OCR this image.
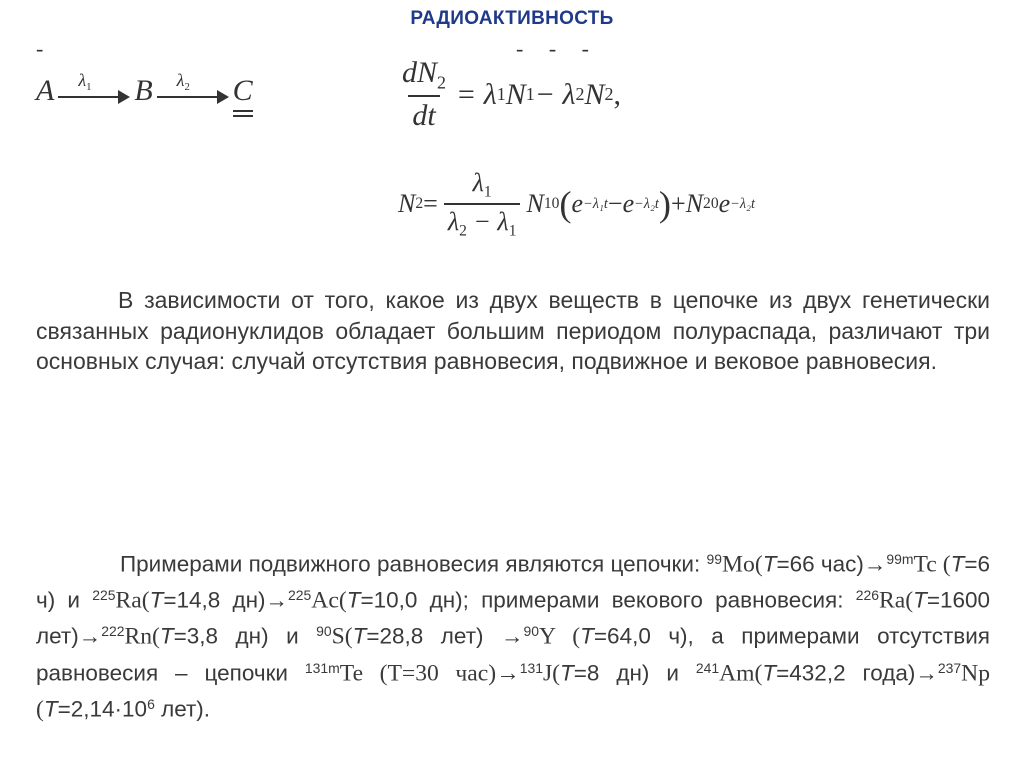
РАДИОАКТИВНОСТЬ
-	- - -
A $\lambda_1$ B $\lambda_2$ C	$\frac{dN_2}{dt} = \lambda$ 1 N 1 − λ 2 N 2 ,
N $2 = \frac{\lambda_1}{\lambda_2 - \lambda_1}$ N 10 ( e −λ₁t − e −λ₂t ) + N 20 e −λ₂t
В зависимости от того, какое из двух веществ в цепочке из двух генетически связанных радионуклидов обладает большим периодом полураспада, различают три основных случая: случай отсутствия равновесия, подвижное и вековое равновесия.
Примерами подвижного равновесия являются цепочки: $^{99}$Mo(T=66 час)→$^{99m}$Tc (T=6 ч) и $^{225}$Ra(T=14,8 дн)→$^{225}$Ac(T=10,0 дн); примерами векового равновесия: $^{226}$Ra(T=1600 лет)→$^{222}$Rn(T=3,8 дн) и $^{90}$S(T=28,8 лет) →$^{90}$Y (T=64,0 ч), а примерами отсутствия равновесия – цепочки $^{131m}$Te (T=30 час)→$^{131}$J(T=8 дн) и $^{241}$Am(T=432,2 года)→$^{237}$Np ($T=2,14\cdot 10^6$ лет).
